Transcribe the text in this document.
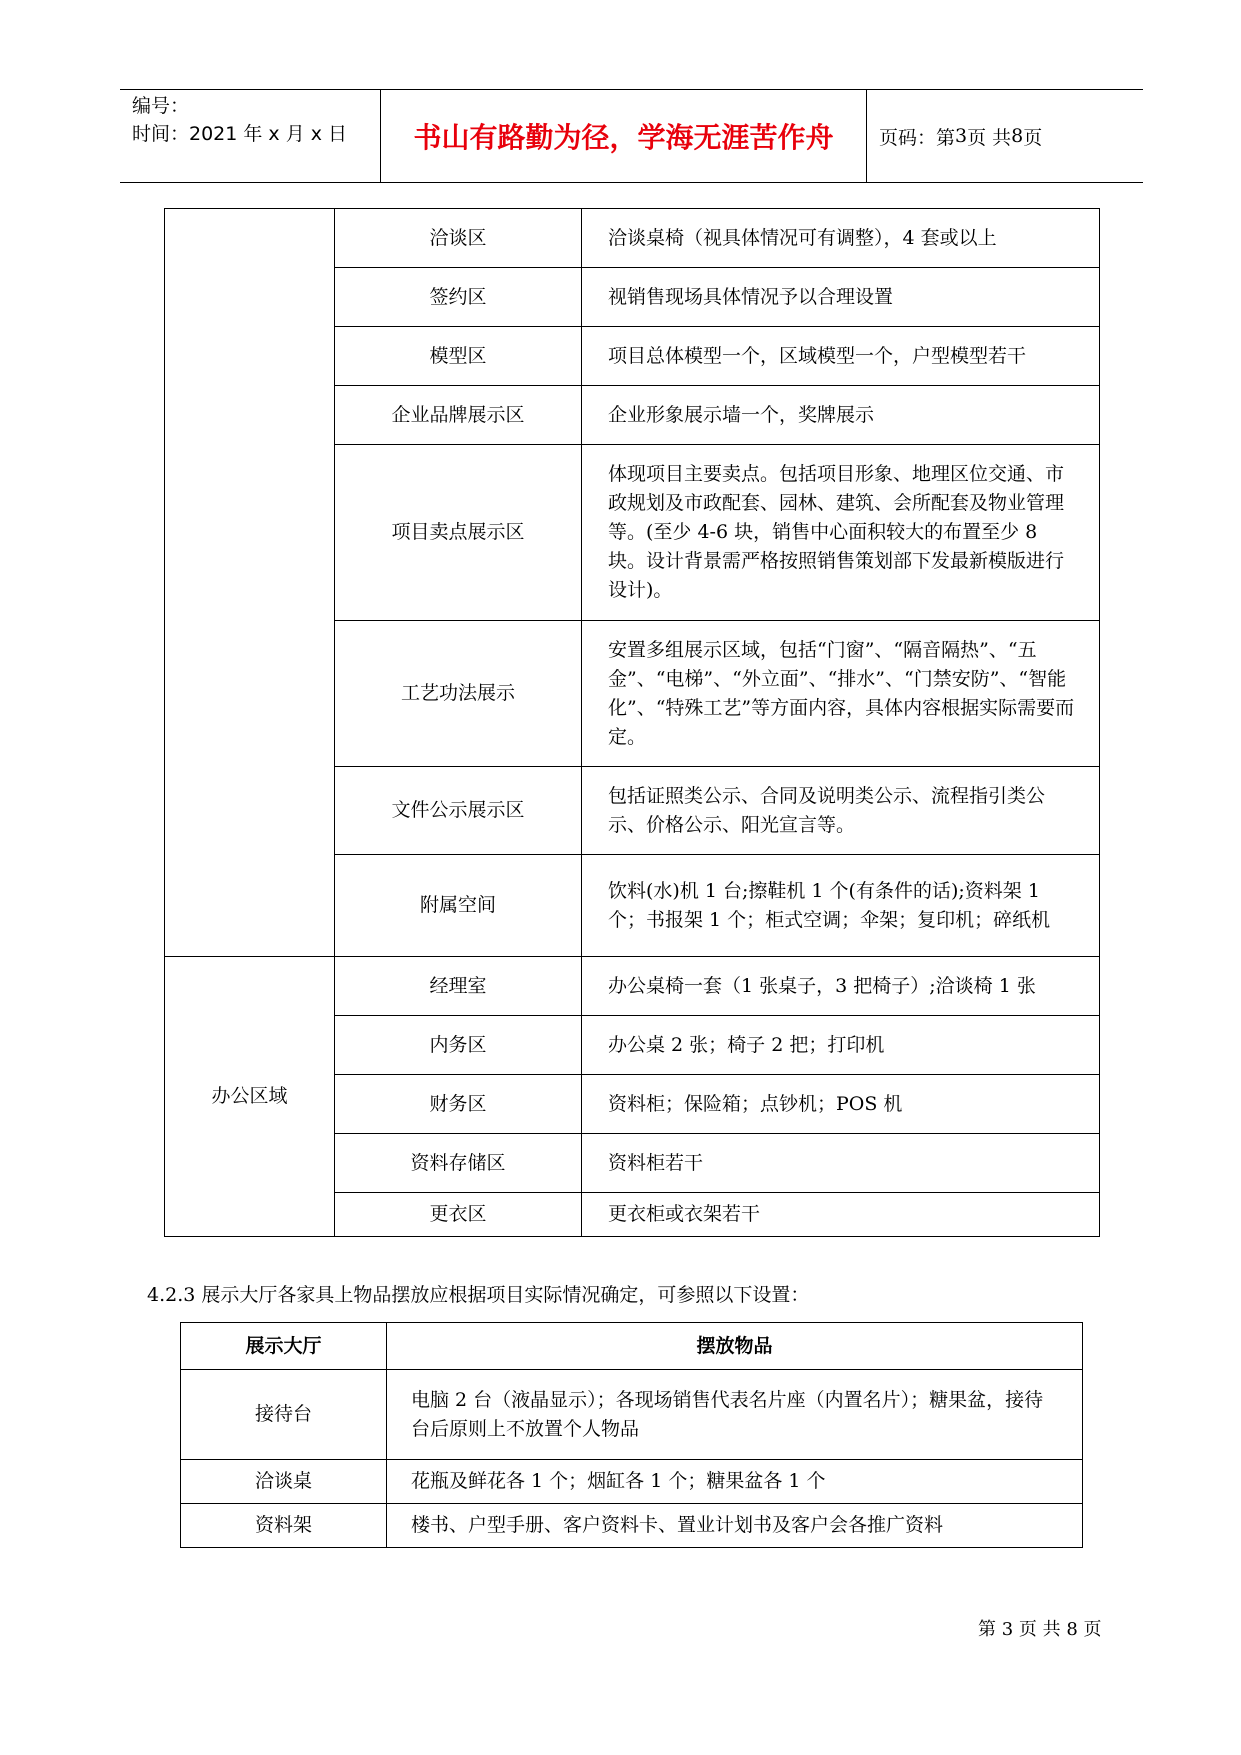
编号：
时间：2021 年 x 月 x 日	书山有路勤为径，学海无涯苦作舟	页码：第 3 页 共 8 页
	洽谈区	洽谈桌椅（视具体情况可有调整），4 套或以上
	签约区	视销售现场具体情况予以合理设置
	模型区	项目总体模型一个，区域模型一个，户型模型若干
	企业品牌展示区	企业形象展示墙一个，奖牌展示
	项目卖点展示区	体现项目主要卖点。包括项目形象、地理区位交通、市政规划及市政配套、园林、建筑、会所配套及物业管理等。(至少 4-6 块，销售中心面积较大的布置至少 8 块。设计背景需严格按照销售策划部下发最新模版进行设计)。
	工艺功法展示	安置多组展示区域，包括“门窗”、“隔音隔热”、“五金”、“电梯”、“外立面”、“排水”、“门禁安防”、“智能化”、“特殊工艺”等方面内容，具体内容根据实际需要而定。
	文件公示展示区	包括证照类公示、合同及说明类公示、流程指引类公示、价格公示、阳光宣言等。
	附属空间	饮料(水)机 1 台;擦鞋机 1 个(有条件的话);资料架 1 个；书报架 1 个；柜式空调；伞架；复印机；碎纸机
办公区域	经理室	办公桌椅一套（1 张桌子，3 把椅子）;洽谈椅 1 张
	内务区	办公桌 2 张；椅子 2 把；打印机
	财务区	资料柜；保险箱；点钞机；POS 机
	资料存储区	资料柜若干
	更衣区	更衣柜或衣架若干
4.2.3 展示大厅各家具上物品摆放应根据项目实际情况确定，可参照以下设置：
展示大厅	摆放物品
接待台	电脑 2 台（液晶显示）；各现场销售代表名片座（内置名片）；糖果盆，接待台后原则上不放置个人物品
洽谈桌	花瓶及鲜花各 1 个；烟缸各 1 个；糖果盆各 1 个
资料架	楼书、户型手册、客户资料卡、置业计划书及客户会各推广资料
第 3 页 共 8 页
